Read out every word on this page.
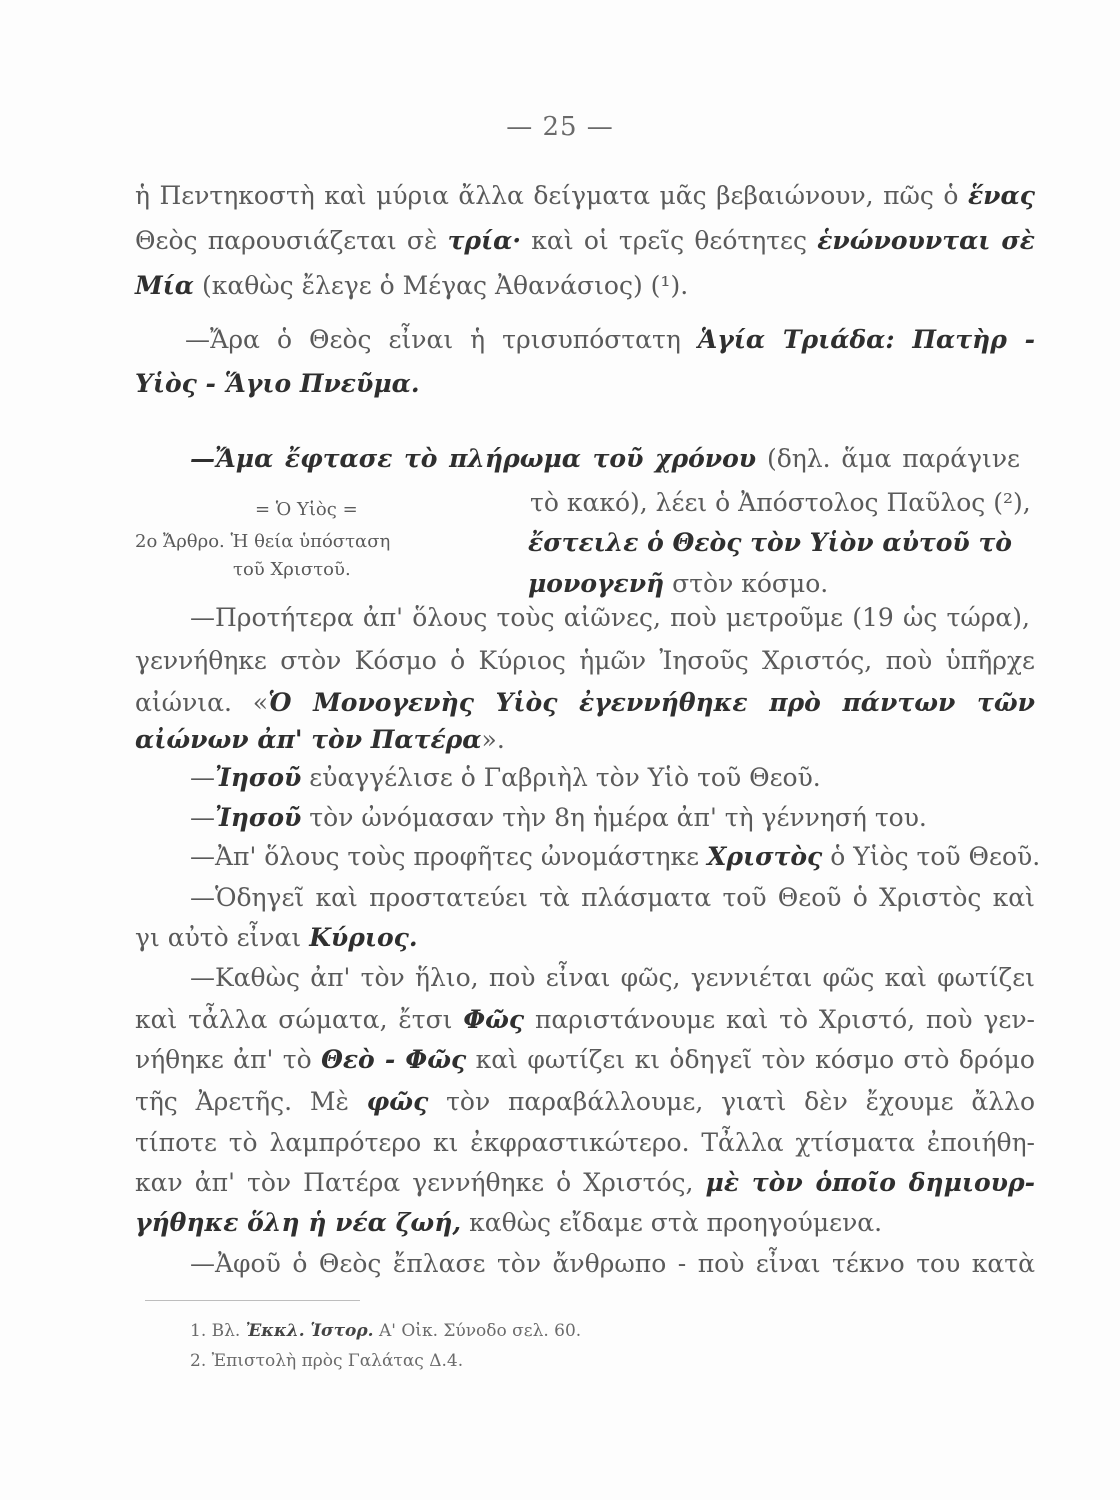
— 25 —
ἡ Πεντηκοστὴ καὶ μύρια ἄλλα δείγματα μᾶς βεβαιώνουν, πῶς ὁ ἕνας
Θεὸς παρουσιάζεται σὲ τρία· καὶ οἱ τρεῖς θεότητες ἑνώνουνται σὲ
Μία (καθὼς ἔλεγε ὁ Μέγας Ἀθανάσιος) (¹).
—Ἄρα ὁ Θεὸς εἶναι ἡ τρισυπόστατη Ἁγία Τριάδα: Πατὴρ -
Υἱὸς - Ἅγιο Πνεῦμα.
—Ἄμα ἔφτασε τὸ πλήρωμα τοῦ χρόνου (δηλ. ἅμα παράγινε
τὸ κακό), λέει ὁ Ἀπόστολος Παῦλος (²),
ἔστειλε ὁ Θεὸς τὸν Υἱὸν αὐτοῦ τὸ
μονογενῆ στὸν κόσμο.
= Ὁ Υἱὸς =
2ο Ἄρθρο. Ἡ θεία ὑπόσταση
τοῦ Χριστοῦ.
—Προτήτερα ἀπ' ὅλους τοὺς αἰῶνες, ποὺ μετροῦμε (19 ὡς τώρα),
γεννήθηκε στὸν Κόσμο ὁ Κύριος ἡμῶν Ἰησοῦς Χριστός, ποὺ ὑπῆρχε
αἰώνια. «Ὁ Μονογενὴς Υἱὸς ἐγεννήθηκε πρὸ πάντων τῶν
αἰώνων ἀπ' τὸν Πατέρα».
—Ἰησοῦ εὐαγγέλισε ὁ Γαβριὴλ τὸν Υἱὸ τοῦ Θεοῦ.
—Ἰησοῦ τὸν ὠνόμασαν τὴν 8η ἡμέρα ἀπ' τὴ γέννησή του.
—Ἀπ' ὅλους τοὺς προφῆτες ὠνομάστηκε Χριστὸς ὁ Υἱὸς τοῦ Θεοῦ.
—Ὁδηγεῖ καὶ προστατεύει τὰ πλάσματα τοῦ Θεοῦ ὁ Χριστὸς καὶ
γι αὐτὸ εἶναι Κύριος.
—Καθὼς ἀπ' τὸν ἥλιο, ποὺ εἶναι φῶς, γεννιέται φῶς καὶ φωτίζει
καὶ τἆλλα σώματα, ἔτσι Φῶς παριστάνουμε καὶ τὸ Χριστό, ποὺ γεν-
νήθηκε ἀπ' τὸ Θεὸ - Φῶς καὶ φωτίζει κι ὁδηγεῖ τὸν κόσμο στὸ δρόμο
τῆς Ἀρετῆς. Μὲ φῶς τὸν παραβάλλουμε, γιατὶ δὲν ἔχουμε ἄλλο
τίποτε τὸ λαμπρότερο κι ἐκφραστικώτερο. Τἆλλα χτίσματα ἐποιήθη-
καν ἀπ' τὸν Πατέρα γεννήθηκε ὁ Χριστός, μὲ τὸν ὁποῖο δημιουρ-
γήθηκε ὅλη ἡ νέα ζωή, καθὼς εἴδαμε στὰ προηγούμενα.
—Ἀφοῦ ὁ Θεὸς ἔπλασε τὸν ἄνθρωπο - ποὺ εἶναι τέκνο του κατὰ
1. Βλ. Ἐκκλ. Ἱστορ. Α' Οἰκ. Σύνοδο σελ. 60.
2. Ἐπιστολὴ πρὸς Γαλάτας Δ.4.
